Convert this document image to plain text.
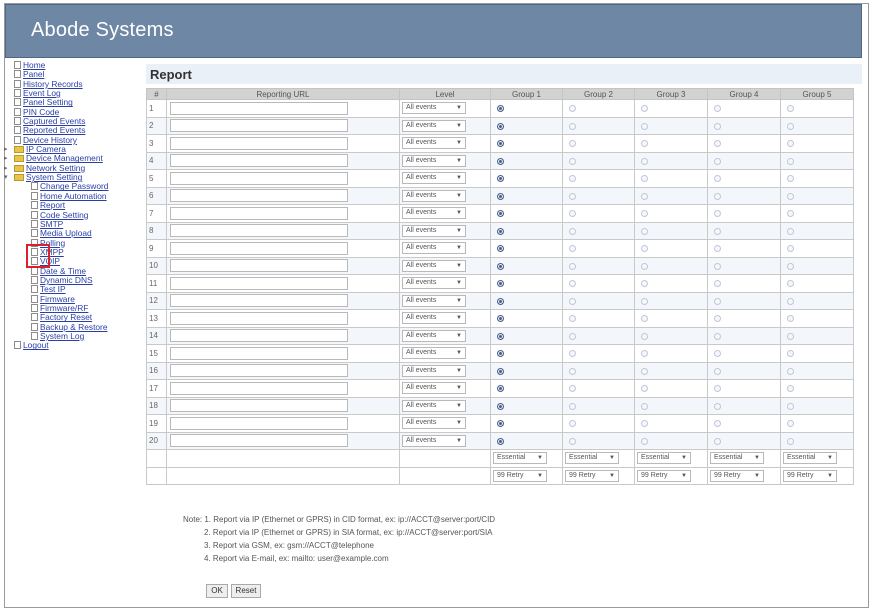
Abode Systems
Home
Panel
History Records
Event Log
Panel Setting
PIN Code
Captured Events
Reported Events
Device History
▸ IP Camera
▸ Device Management
▸ Network Setting
▾ System Setting
Change Password
Home Automation
Report
Code Setting
SMTP
Media Upload
Polling
XMPP
VOIP
Date & Time
Dynamic DNS
Test IP
Firmware
Firmware/RF
Factory Reset
Backup & Restore
System Log
Logout
Report
#	Reporting URL	Level	Group 1	Group 2	Group 3	Group 4	Group 5
1		All events ▼					

2		All events ▼					

3		All events ▼					

4		All events ▼					

5		All events ▼					

6		All events ▼					

7		All events ▼					

8		All events ▼					

9		All events ▼					

10		All events ▼					

11		All events ▼					

12		All events ▼					

13		All events ▼					

14		All events ▼					

15		All events ▼					

16		All events ▼					

17		All events ▼					

18		All events ▼					

19		All events ▼					

20		All events ▼					

			Essential ▼	Essential ▼	Essential ▼	Essential ▼	Essential ▼

			99 Retry ▼	99 Retry ▼	99 Retry ▼	99 Retry ▼	99 Retry ▼
Note: 1. Report via IP (Ethernet or GPRS) in CID format, ex: ip://ACCT@server:port/CID
2. Report via IP (Ethernet or GPRS) in SIA format, ex: ip://ACCT@server:port/SIA
3. Report via GSM, ex: gsm://ACCT@telephone
4. Report via E-mail, ex: mailto: user@example.com
OK	Reset
